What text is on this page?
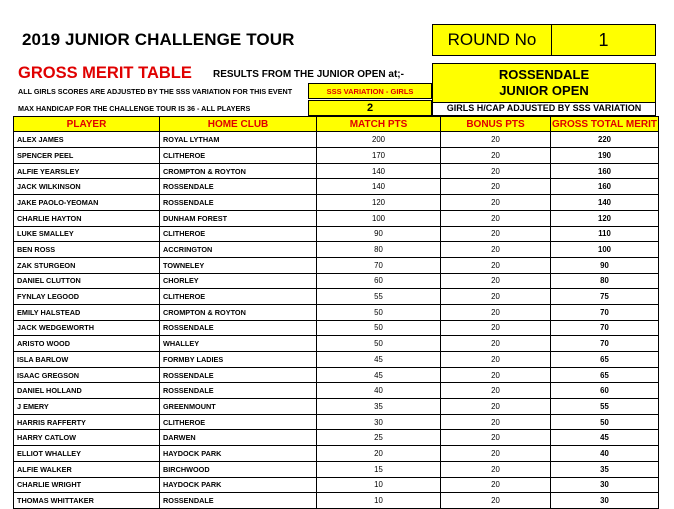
2019 JUNIOR CHALLENGE TOUR	ROUND No	1
GROSS MERIT TABLE RESULTS FROM THE JUNIOR OPEN at;-	ROSSENDALE
JUNIOR OPEN
ALL GIRLS SCORES ARE ADJUSTED BY THE SSS VARIATION FOR THIS EVENT	SSS VARIATION - GIRLS
MAX HANDICAP FOR THE CHALLENGE TOUR IS 36 - ALL PLAYERS	2	GIRLS H/CAP ADJUSTED BY SSS VARIATION
PLAYER	HOME CLUB	MATCH PTS	BONUS PTS	GROSS TOTAL MERIT
ALEX JAMES	ROYAL LYTHAM	200	20	220
SPENCER PEEL	CLITHEROE	170	20	190
ALFIE YEARSLEY	CROMPTON & ROYTON	140	20	160
JACK WILKINSON	ROSSENDALE	140	20	160
JAKE PAOLO-YEOMAN	ROSSENDALE	120	20	140
CHARLIE HAYTON	DUNHAM FOREST	100	20	120
LUKE SMALLEY	CLITHEROE	90	20	110
BEN ROSS	ACCRINGTON	80	20	100
ZAK STURGEON	TOWNELEY	70	20	90
DANIEL CLUTTON	CHORLEY	60	20	80
FYNLAY LEGOOD	CLITHEROE	55	20	75
EMILY HALSTEAD	CROMPTON & ROYTON	50	20	70
JACK WEDGEWORTH	ROSSENDALE	50	20	70
ARISTO WOOD	WHALLEY	50	20	70
ISLA BARLOW	FORMBY LADIES	45	20	65
ISAAC GREGSON	ROSSENDALE	45	20	65
DANIEL HOLLAND	ROSSENDALE	40	20	60
J EMERY	GREENMOUNT	35	20	55
HARRIS RAFFERTY	CLITHEROE	30	20	50
HARRY CATLOW	DARWEN	25	20	45
ELLIOT WHALLEY	HAYDOCK PARK	20	20	40
ALFIE WALKER	BIRCHWOOD	15	20	35
CHARLIE WRIGHT	HAYDOCK PARK	10	20	30
THOMAS WHITTAKER	ROSSENDALE	10	20	30
